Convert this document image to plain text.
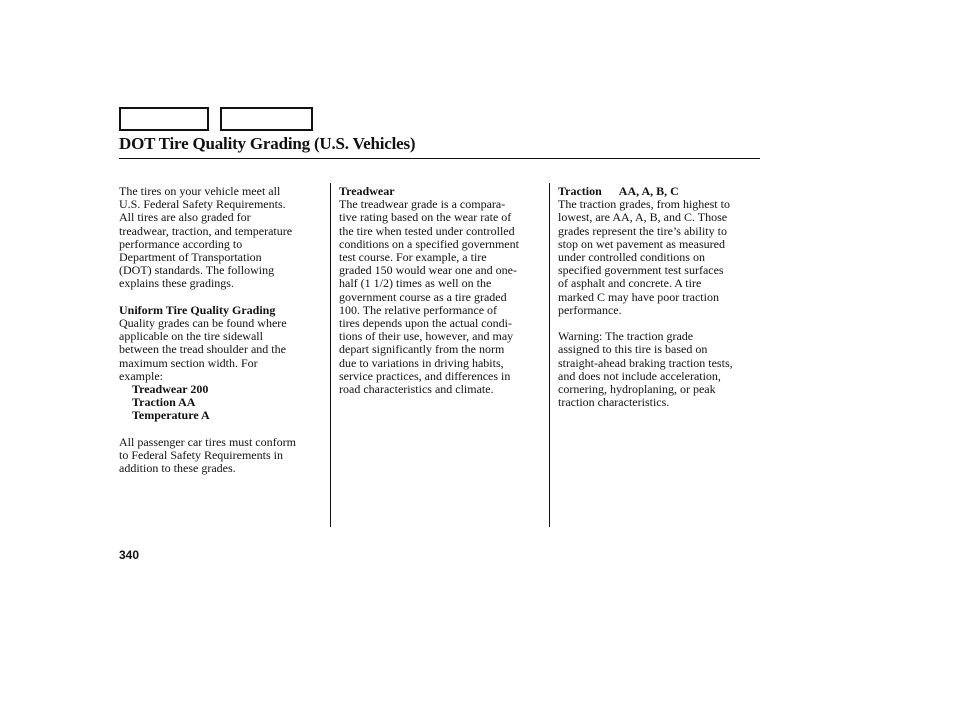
DOT Tire Quality Grading (U.S. Vehicles)

The tires on your vehicle meet all
U.S. Federal Safety Requirements.
All tires are also graded for
treadwear, traction, and temperature
performance according to
Department of Transportation
(DOT) standards. The following
explains these gradings.

Uniform Tire Quality Grading

Quality grades can be found where
applicable on the tire sidewall
between the tread shoulder and the
maximum section width. For
example:

Treadwear 200

Traction AA

Temperature A

All passenger car tires must conform
to Federal Safety Requirements in
addition to these grades.

Treadwear

The treadwear grade is a compara-
tive rating based on the wear rate of
the tire when tested under controlled
conditions on a specified government
test course. For example, a tire
graded 150 would wear one and one-
half (1 1/2) times as well on the
government course as a tire graded
100. The relative performance of
tires depends upon the actual condi-
tions of their use, however, and may
depart significantly from the norm
due to variations in driving habits,
service practices, and differences in
road characteristics and climate.

Traction AA, A, B, C

The traction grades, from highest to
lowest, are AA, A, B, and C. Those
grades represent the tire’s ability to
stop on wet pavement as measured
under controlled conditions on
specified government test surfaces
of asphalt and concrete. A tire
marked C may have poor traction
performance.

Warning: The traction grade
assigned to this tire is based on
straight-ahead braking traction tests,
and does not include acceleration,
cornering, hydroplaning, or peak
traction characteristics.

340
